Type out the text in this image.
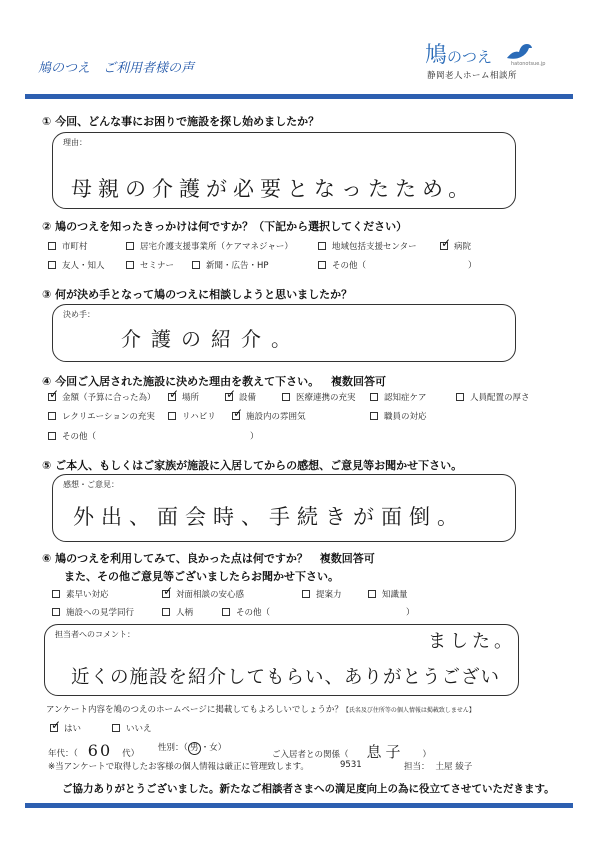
鳩のつえ　ご利用者様の声
鳩のつえ	hatonotsue.jp
静岡老人ホーム相談所
① 今回、どんな事にお困りで施設を探し始めましたか？
理由：
母親の介護が必要となったため。
② 鳩のつえを知ったきっかけは何ですか？（下記から選択してください）
市町村	居宅介護支援事業所（ケアマネジャー）	地域包括支援センター ✓ 病院
友人・知人	セミナー	新聞・広告・HP	その他（	）
③ 何が決め手となって鳩のつえに相談しようと思いましたか？
決め手：
介護の紹介。
④ 今回ご入居された施設に決めた理由を教えて下さい。 複数回答可
✓ 金額（予算に合った為） ✓ 場所 ✓ 設備	医療連携の充実	認知症ケア	人員配置の厚さ
レクリエーションの充実	リハビリ ✓ 施設内の雰囲気	職員の対応
その他（	）
⑤ ご本人、もしくはご家族が施設に入居してからの感想、ご意見等お聞かせ下さい。
感想・ご意見：
外出、面会時、手続きが面倒。
⑥ 鳩のつえを利用してみて、良かった点は何ですか？ 複数回答可
また、その他ご意見等ございましたらお聞かせ下さい。
素早い対応	✓ 対面相談の安心感	提案力	知識量
施設への見学同行	人柄	その他（	）
担当者へのコメント：	ました。
近くの施設を紹介してもらい、ありがとうござい
アンケート内容を鳩のつえのホームページに掲載してもよろしいでしょうか？【氏名及び住所等の個人情報は掲載致しません】
✓ はい	いいえ
年代：（ 60 代）
性別：（ 男 ・女）
ご入居者との関係（ 息子 ）
※当アンケートで取得したお客様の個人情報は厳正に管理致します。	9531	担当： 土屋 綾子
ご協力ありがとうございました。新たなご相談者さまへの満足度向上の為に役立てさせていただきます。
